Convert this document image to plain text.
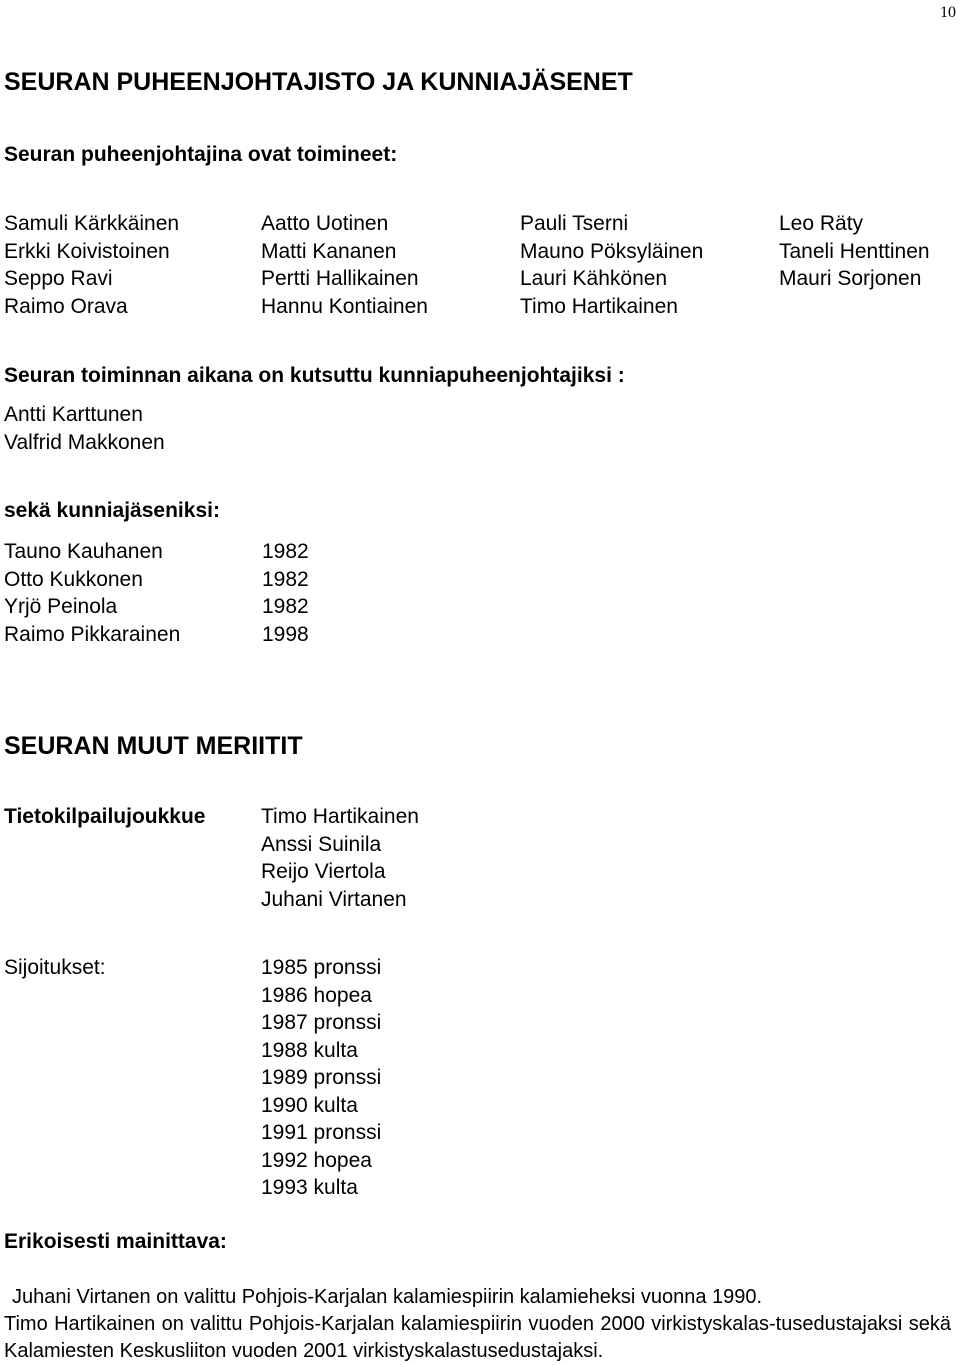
10
SEURAN PUHEENJOHTAJISTO JA KUNNIAJÄSENET
Seuran puheenjohtajina ovat toimineet:
Samuli Kärkkäinen	Aatto Uotinen	Pauli Tserni	Leo Räty
Erkki Koivistoinen	Matti Kananen	Mauno Pöksyläinen	Taneli Henttinen
Seppo Ravi	Pertti Hallikainen	Lauri Kähkönen	Mauri Sorjonen
Raimo Orava	Hannu Kontiainen	Timo Hartikainen
Seuran toiminnan aikana on kutsuttu kunniapuheenjohtajiksi :
Antti Karttunen
Valfrid Makkonen
sekä kunniajäseniksi:
Tauno Kauhanen	1982
Otto Kukkonen	1982
Yrjö Peinola	1982
Raimo Pikkarainen	1998
SEURAN MUUT MERIITIT
Tietokilpailujoukkue	Timo Hartikainen
Anssi Suinila
Reijo Viertola
Juhani Virtanen
Sijoitukset:	1985 pronssi
1986 hopea
1987 pronssi
1988 kulta
1989 pronssi
1990 kulta
1991 pronssi
1992 hopea
1993 kulta
Erikoisesti mainittava:
Juhani Virtanen on valittu Pohjois-Karjalan kalamiespiirin kalamieheksi vuonna 1990.
Timo Hartikainen on valittu Pohjois-Karjalan kalamiespiirin vuoden 2000 virkistyskalas-tusedustajaksi sekä Kalamiesten Keskusliiton vuoden 2001 virkistyskalastusedustajaksi.
